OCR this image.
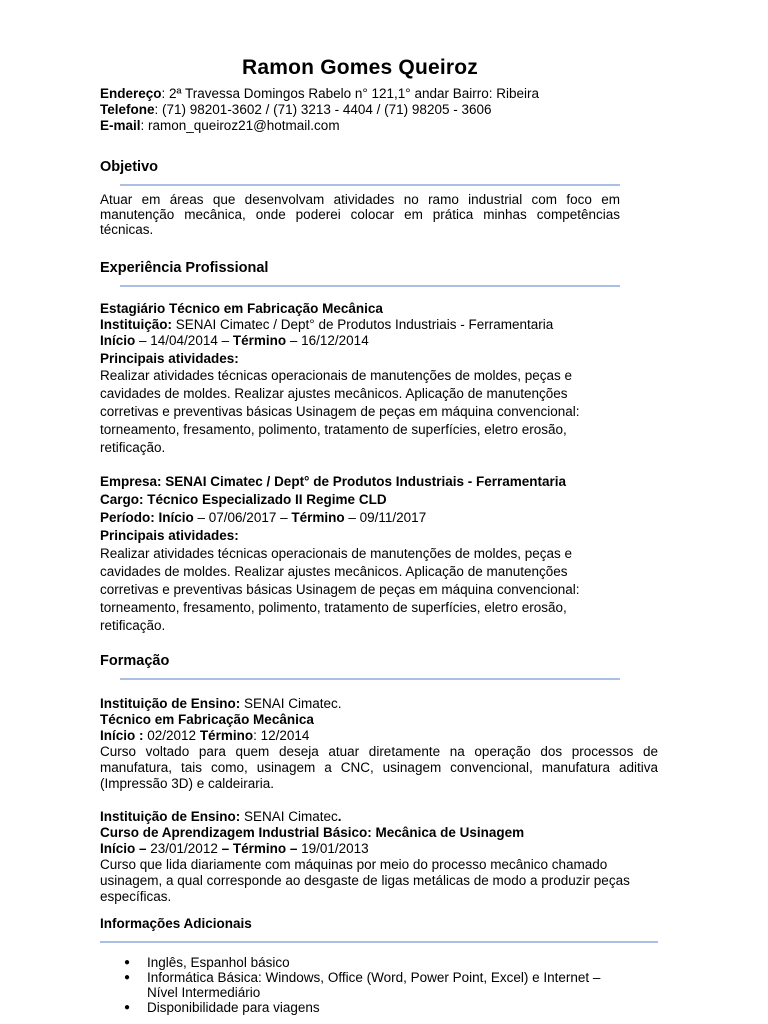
Ramon Gomes Queiroz
Endereço: 2ª Travessa Domingos Rabelo n° 121,1° andar Bairro: Ribeira
Telefone: (71) 98201-3602 / (71) 3213 - 4404 / (71) 98205 - 3606
E-mail: ramon_queiroz21@hotmail.com
Objetivo
Atuar em áreas que desenvolvam atividades no ramo industrial com foco em manutenção mecânica, onde poderei colocar em prática minhas competências técnicas.
Experiência Profissional
Estagiário Técnico em Fabricação Mecânica
Instituição: SENAI Cimatec / Dept° de Produtos Industriais - Ferramentaria
Início – 14/04/2014 – Término – 16/12/2014
Principais atividades:
Realizar atividades técnicas operacionais de manutenções de moldes, peças e
cavidades de moldes. Realizar ajustes mecânicos. Aplicação de manutenções
corretivas e preventivas básicas Usinagem de peças em máquina convencional:
torneamento, fresamento, polimento, tratamento de superfícies, eletro erosão,
retificação.
Empresa: SENAI Cimatec / Dept° de Produtos Industriais - Ferramentaria
Cargo: Técnico Especializado II Regime CLD
Período: Início – 07/06/2017 – Término – 09/11/2017
Principais atividades:
Realizar atividades técnicas operacionais de manutenções de moldes, peças e
cavidades de moldes. Realizar ajustes mecânicos. Aplicação de manutenções
corretivas e preventivas básicas Usinagem de peças em máquina convencional:
torneamento, fresamento, polimento, tratamento de superfícies, eletro erosão,
retificação.
Formação
Instituição de Ensino: SENAI Cimatec.
Técnico em Fabricação Mecânica
Início : 02/2012 Término: 12/2014
Curso voltado para quem deseja atuar diretamente na operação dos processos de manufatura, tais como, usinagem a CNC, usinagem convencional, manufatura aditiva (Impressão 3D) e caldeiraria.
Instituição de Ensino: SENAI Cimatec.
Curso de Aprendizagem Industrial Básico: Mecânica de Usinagem
Início – 23/01/2012 – Término – 19/01/2013
Curso que lida diariamente com máquinas por meio do processo mecânico chamado
usinagem, a qual corresponde ao desgaste de ligas metálicas de modo a produzir peças
específicas.
Informações Adicionais
● Inglês, Espanhol básico
● Informática Básica: Windows, Office (Word, Power Point, Excel) e Internet – Nível Intermediário
● Disponibilidade para viagens
